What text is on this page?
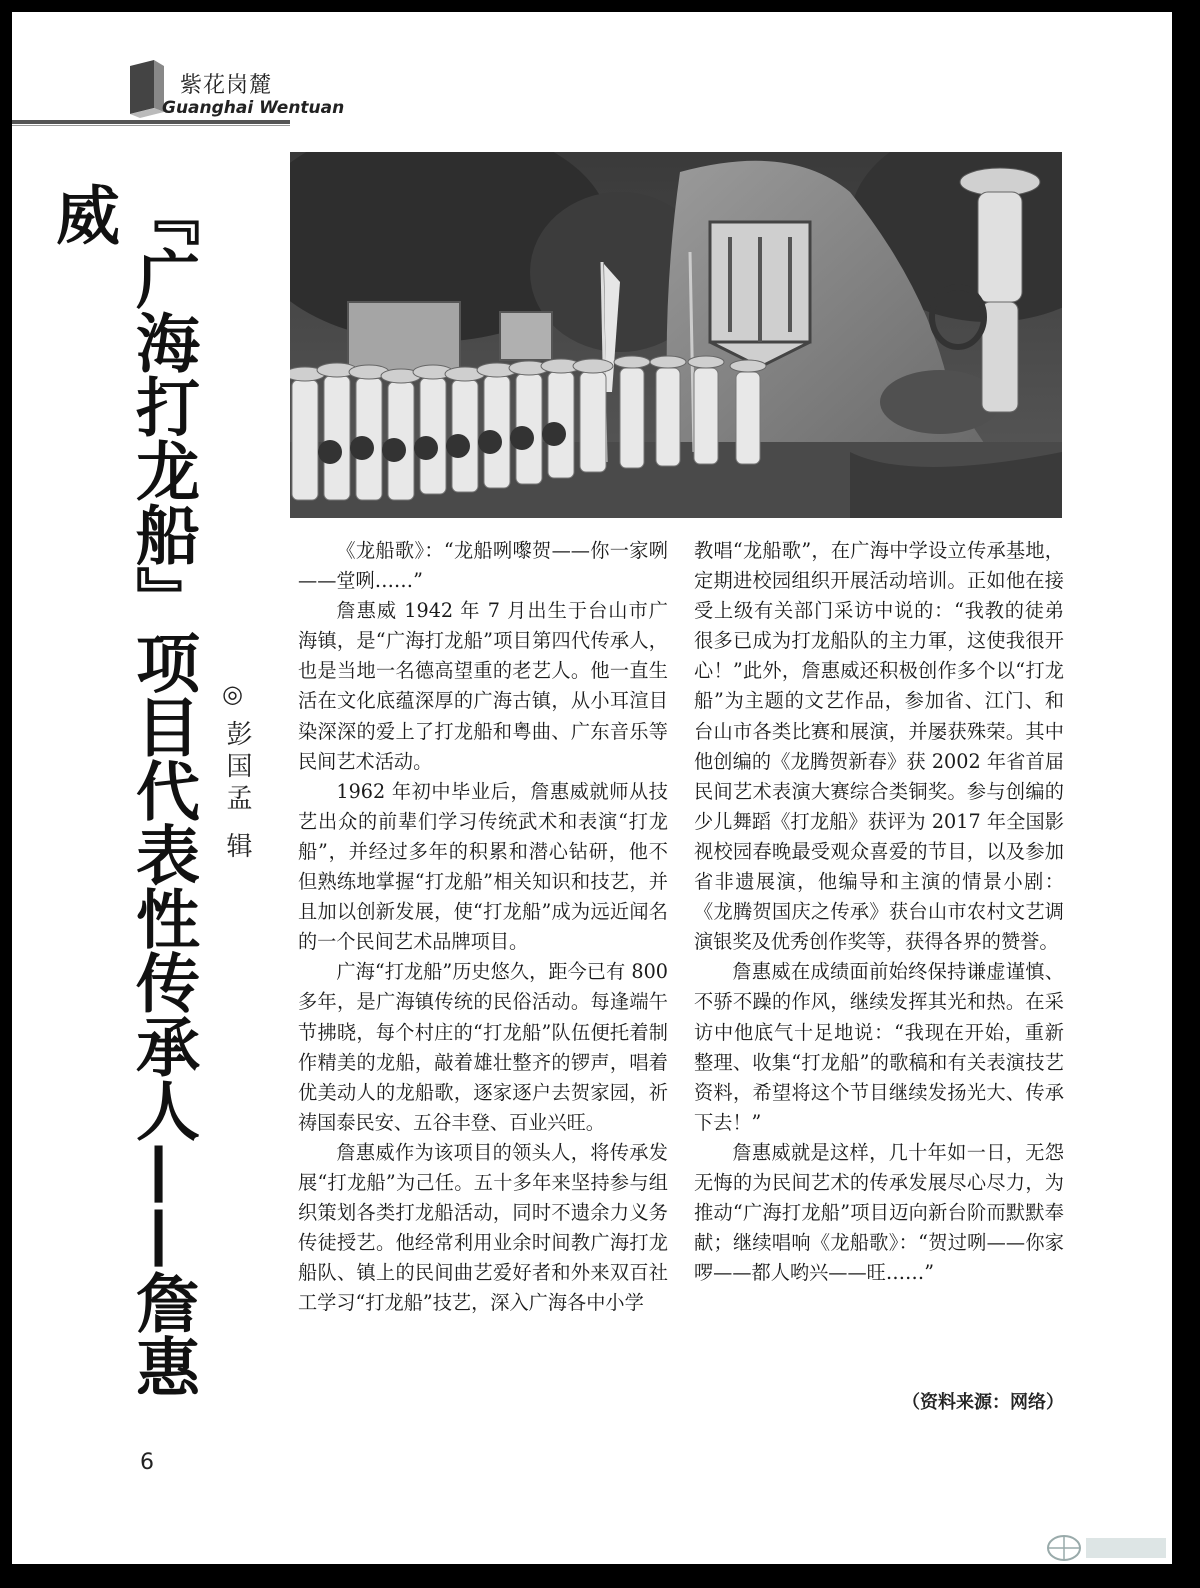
紫花岗麓
Guanghai Wentuan
『广海打龙船』项目代表性传承人——詹惠威
◎
彭国孟辑

《龙船歌》：“龙船咧嚟贺——你一家咧——堂咧……”

詹惠威 1942 年 7 月出生于台山市广海镇，是“广海打龙船”项目第四代传承人，也是当地一名德高望重的老艺人。他一直生活在文化底蕴深厚的广海古镇，从小耳渲目染深深的爱上了打龙船和粤曲、广东音乐等民间艺术活动。

1962 年初中毕业后，詹惠威就师从技艺出众的前辈们学习传统武术和表演“打龙船”，并经过多年的积累和潜心钻研，他不但熟练地掌握“打龙船”相关知识和技艺，并且加以创新发展，使“打龙船”成为远近闻名的一个民间艺术品牌项目。

广海“打龙船”历史悠久，距今已有 800 多年，是广海镇传统的民俗活动。每逢端午节拂晓，每个村庄的“打龙船”队伍便托着制作精美的龙船，敲着雄壮整齐的锣声，唱着优美动人的龙船歌，逐家逐户去贺家园，祈祷国泰民安、五谷丰登、百业兴旺。

詹惠威作为该项目的领头人，将传承发展“打龙船”为己任。五十多年来坚持参与组织策划各类打龙船活动，同时不遗余力义务传徒授艺。他经常利用业余时间教广海打龙船队、镇上的民间曲艺爱好者和外来双百社工学习“打龙船”技艺，深入广海各中小学

教唱“龙船歌”，在广海中学设立传承基地，定期进校园组织开展活动培训。正如他在接受上级有关部门采访中说的：“我教的徒弟很多已成为打龙船队的主力軍，这使我很开心！”此外，詹惠威还积极创作多个以“打龙船”为主题的文艺作品，参加省、江门、和台山市各类比赛和展演，并屡获殊荣。其中他创编的《龙腾贺新春》获 2002 年省首届民间艺术表演大赛综合类铜奖。参与创编的少儿舞蹈《打龙船》获评为 2017 年全国影视校园春晚最受观众喜爱的节目，以及参加省非遗展演，他编导和主演的情景小剧：《龙腾贺国庆之传承》获台山市农村文艺调演银奖及优秀创作奖等，获得各界的赞誉。

詹惠威在成绩面前始终保持谦虚谨慎、不骄不躁的作风，继续发挥其光和热。在采访中他底气十足地说：“我现在开始，重新整理、收集“打龙船”的歌稿和有关表演技艺资料，希望将这个节目继续发扬光大、传承下去！”

詹惠威就是这样，几十年如一日，无怨无悔的为民间艺术的传承发展尽心尽力，为推动“广海打龙船”项目迈向新台阶而默默奉献；继续唱响《龙船歌》：“贺过咧——你家啰——都人哟兴——旺……”

（资料来源：网络）
6
